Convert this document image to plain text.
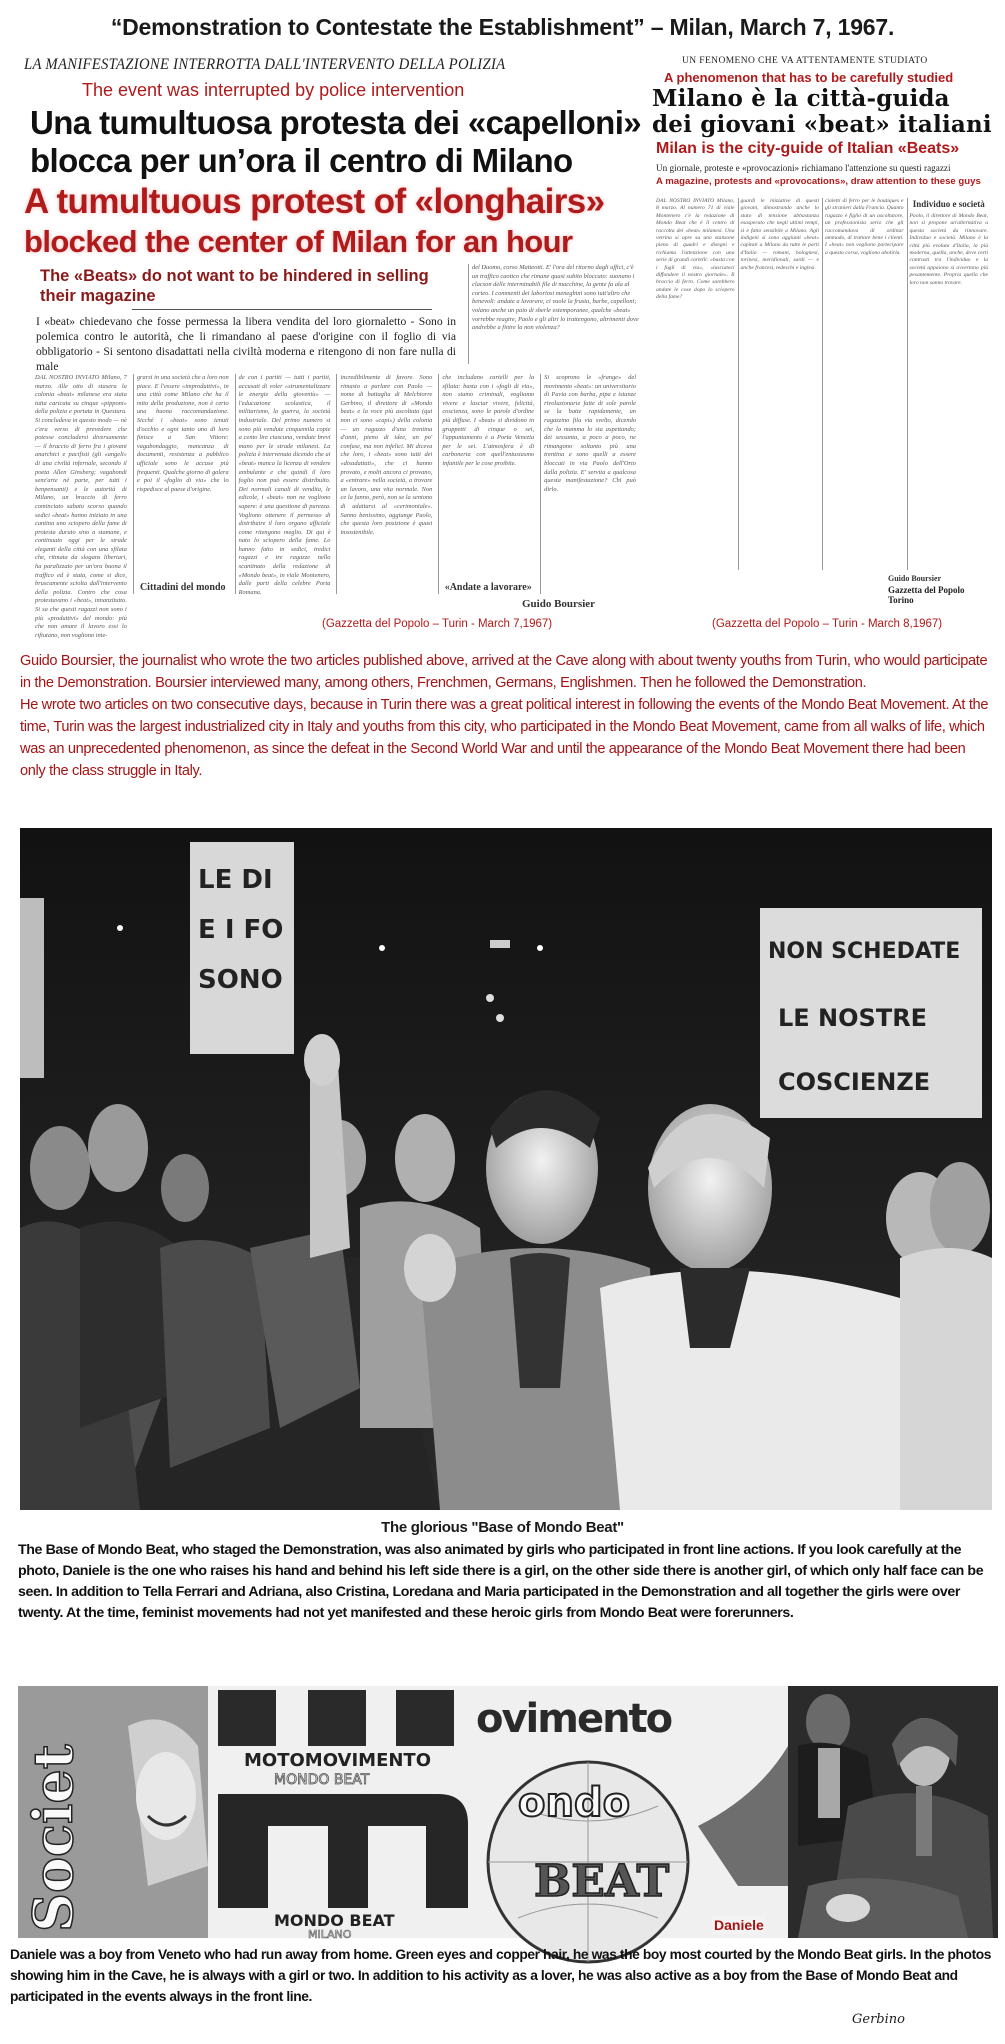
“Demonstration to Contestate the Establishment” – Milan, March 7, 1967.
LA MANIFESTAZIONE INTERROTTA DALL'INTERVENTO DELLA POLIZIA
The event was interrupted by police intervention
Una tumultuosa protesta dei «capelloni»
blocca per un’ora il centro di Milano
A tumultuous protest of «longhairs»
blocked the center of Milan for an hour
The «Beats» do not want to be hindered in selling their magazine
I «beat» chiedevano che fosse permessa la libera vendita del loro giornaletto - Sono in polemica contro le autorità, che li rimandano al paese d'origine con il foglio di via obbligatorio - Si sentono disadattati nella civiltà moderna e ritengono di non fare nulla di male
del Duomo, corso Matteotti. E' l'ora del ritorno dagli uffici, c'è un traffico caotico che rimane quasi subito bloccato: suonano i clacson delle interminabili file di macchine, la gente fa ala al corteo. I commenti dei laboriosi meneghini sono tutt'altro che benevoli: andate a lavorare, ci vuole la frusta, barbe, capelloni; volano anche un paio di sberle estemporanee, qualche «beat» vorrebbe reagire, Paolo e gli altri lo trattengono, altrimenti dove andrebbe a finire la non violenza?
DAL NOSTRO INVIATO Milano, 7 marzo. Alle otto di stasera la colonia «beat» milanese era stata tutta caricata su cinque «pipponi» della polizia e portata in Questura. Si concludeva in questo modo — nè c'era verso di prevedere che potesse concludersi diversamente — il braccio di ferro fra i giovani anarchici e pacifisti (gli «angeli» di una civiltà infernale, secondo il poeta Allen Ginsberg; vagabondi senz'arte nè parte, per tutti i benpensanti) e le autorità di Milano, un braccio di ferro cominciato sabato scorso quando sedici «beat» hanno iniziato in una cantina uno sciopero della fame di protesta durato sino a stamane, e continuato oggi per le strade eleganti della città con una sfilata che, ritmata da slogans libertari, ha paralizzato per un'ora buona il traffico ed è stata, come si dice, bruscamente sciolta dall'intervento della polizia. Contro che cosa protestavano i «beat», innanzitutto. Si sa che questi ragazzi non sono i più «produttivi» del mondo: più che non amare il lavoro essi lo rifiutano, non vogliono inte-
grarsi in una società che a loro non piace. E l'essere «improduttivi», in una città come Milano che ha il mito della produzione, non è certo una buona raccomandazione. Sicché i «beat» sono tenuti d'occhio e ogni tanto uno di loro finisce a San Vittore: vagabondaggio, mancanza di documenti, resistenza a pubblico ufficiale sono le accuse più frequenti. Qualche giorno di galera e poi il «foglio di via» che lo rispedisce al paese d'origine.
Cittadini del mondo
de con i partiti — tutti i partiti, accusati di voler «strumentalizzare le energie della gioventù» — l'educazione scolastica, il militarismo, la guerra, la società industriale. Del primo numero si sono più vendute cinquemila copie a cento lire ciascuna, vendute brevi mano per le strade milanesi. La polizia è intervenuta dicendo che ai «beat» manca la licenza di vendere ambulante e che quindi il loro foglio non può essere distribuito. Dei normali canali di vendita, le edicole, i «beat» non ne vogliono sapere: è una questione di purezza. Vogliono ottenere il permesso di distribuire il loro organo ufficiale come ritengono meglio. Di qui è nato lo sciopero della fame. Lo hanno fatto in sedici, tredici ragazzi e tre ragazze nello scantinato della redazione di «Mondo beat», in viale Montenero, dalle parti della celebre Porta Romana.
incredibilmente di favore. Sono rimasto a parlare con Paolo — nome di battaglia di Melchiorre Gerbino, il direttore di «Mondo beat» e la voce più ascoltata (qui non ci sono «capi») della colonia — un ragazzo d'una trentina d'anni, pieno di idee, un po' confuse, ma non infelici. Mi diceva che loro, i «beat» sono tutti dei «disadattati», che ci hanno provato, e molti ancora ci provano, a «entrare» nella società, a trovare un lavoro, una vita normale. Non ce la fanno, però, non se la sentono di adattarsi al «cerimoniale». Sanno benissimo, aggiunge Paolo, che questa loro posizione è quasi insostenibile.
che includano cartelli per la sfilata: basta con i «fogli di via», non siamo criminali, vogliamo vivere e lasciar vivere, felicità, coscienza, sono le parole d'ordine più diffuse. I «beat» si dividono in gruppetti di cinque o sei, l'appuntamento è a Porta Venezia per le sei. L'atmosfera è di carboneria con quell'entusiasmo infantile per le cose proibite.
«Andate a lavorare»
Si scoprono le «frange» del movimento «beat»: un universitario di Pavia con barba, pipa e istanze rivoluzionarie fatte di sole parole se la batte rapidamente, un ragazzino fila via svelto, dicendo che la mamma lo sta aspettando; dei sessanta, a poco a poco, ne rimangono soltanto più una trentina e sono quelli a essere bloccati in via Paolo dell'Orto dalla polizia. E' servita a qualcosa questa manifestazione? Chi può dirlo.
Guido Boursier
(Gazzetta del Popolo – Turin - March 7,1967)
UN FENOMENO CHE VA ATTENTAMENTE STUDIATO
A phenomenon that has to be carefully studied
Milano è la città-guida
dei giovani «beat» italiani
Milan is the city-guide of Italian «Beats»
Un giornale, proteste e «provocazioni» richiamano l'attenzione su questi ragazzi
A magazine, protests and «provocations», draw attention to these guys
DAL NOSTRO INVIATO Milano, 8 marzo. Al numero 71 di viale Montenero c'è la redazione di Mondo Beat che è il centro di raccolta dei «beat» milanesi. Una vetrina si apre su uno stanzone pieno di quadri e disegni e richiama l'attenzione con una serie di grandi cartelli: «basta con i fogli di via», «lasciateci diffondere il nostro giornale». Il braccio di ferro. Come sarebbero andate le cose dopo lo sciopero della fame?
guardi le iniziative di questi giovani, dimostrando anche lo stato di tensione abbastanza esasperato che negli ultimi tempi, si è fatto sensibile a Milano. Agli indigeni si sono aggiunti «beat» capitati a Milano da tutte le parti d'Italia — romani, bolognesi, torinesi, meridionali, sardi — e anche francesi, tedeschi e inglesi.
cialetti di ferro per le boutiques e gli stranieri dalla Francia. Quanto ragazzo è figlio di un ascoltatore, un professionista serio che gli raccomandava di ordinar ammodo, di trattare bene i clienti. I «beat» non vogliono partecipare a questa corsa, vogliono abolirla.
Individuo e società
Paolo, il direttore di Mondo Beat, non si propone un'alternativa a questa società da rinnovare. Individuo e società. Milano è la città più evoluta d'Italia, la più moderna, quella, anche, dove certi contrasti tra l'individuo e la società appaiono si avvertono più pesantemente. Propria quella che loro non sanno trovare.
Guido Boursier
Gazzetta del Popolo Torino
(Gazzetta del Popolo – Turin - March 8,1967)

Guido Boursier, the journalist who wrote the two articles published above, arrived at the Cave along with about twenty youths from Turin, who would participate in the Demonstration. Boursier interviewed many, among others, Frenchmen, Germans, Englishmen. Then he followed the Demonstration.

He wrote two articles on two consecutive days, because in Turin there was a great political interest in following the events of the Mondo Beat Movement. At the time, Turin was the largest industrialized city in Italy and youths from this city, who participated in the Mondo Beat Movement, came from all walks of life, which was an unprecedented phenomenon, as since the defeat in the Second World War and until the appearance of the Mondo Beat Movement there had been only the class struggle in Italy.

LE DI
E I FO
SONO
NON SCHEDATE
LE NOSTRE
COSCIENZE
The glorious "Base of Mondo Beat"

The Base of Mondo Beat, who staged the Demonstration, was also animated by girls who participated in front line actions. If you look carefully at the photo, Daniele is the one who raises his hand and behind his left side there is a girl, on the other side there is another girl, of which only half face can be seen. In addition to Tella Ferrari and Adriana, also Cristina, Loredana and Maria participated in the Demonstration and all together the girls were over twenty. At the time, feminist movements had not yet manifested and these heroic girls from Mondo Beat were forerunners.

Societ	MOTOMOVIMENTO
MONDO BEAT
m
MONDO BEAT
MILANO
ovimento
ondo
BEAT
Daniele

Daniele was a boy from Veneto who had run away from home. Green eyes and copper hair, he was the boy most courted by the Mondo Beat girls. In the photos showing him in the Cave, he is always with a girl or two. In addition to his activity as a lover, he was also active as a boy from the Base of Mondo Beat and participated in the events always in the front line.

Gerbino
